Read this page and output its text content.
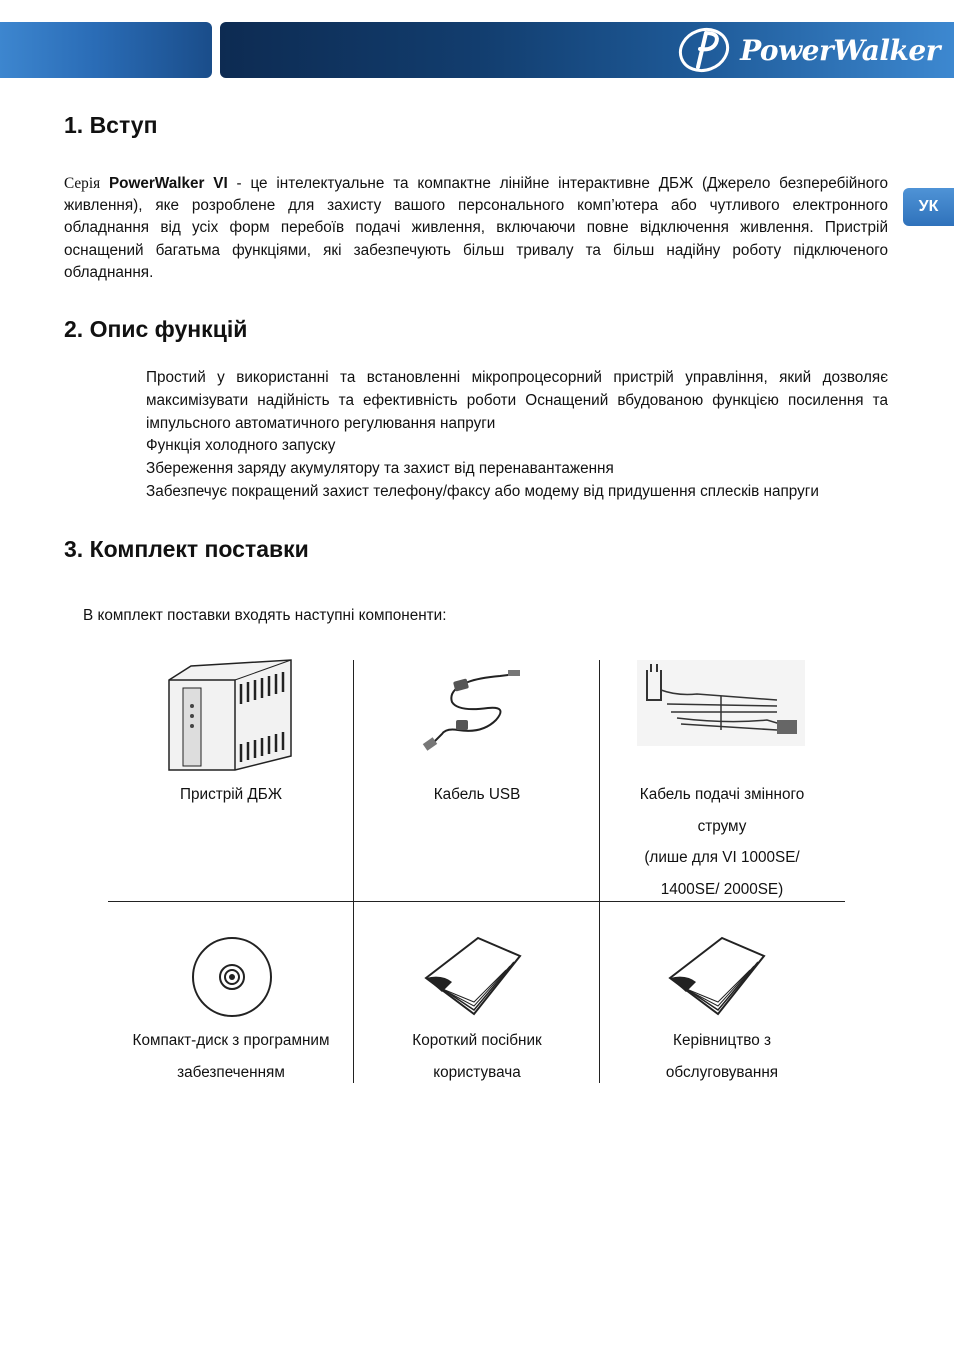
PowerWalker
УК
1. Вступ
Серія PowerWalker VI - це інтелектуальне та компактне лінійне інтерактивне ДБЖ (Джерело безперебійного живлення), яке розроблене для захисту вашого персонального комп’ютера або чутливого електронного обладнання від усіх форм перебоїв подачі живлення, включаючи повне відключення живлення. Пристрій оснащений багатьма функціями, які забезпечують більш тривалу та більш надійну роботу підключеного обладнання.
2. Опис функцій
Простий у використанні та встановленні мікропроцесорний пристрій управління, який дозволяє максимізувати надійність та ефективність роботи Оснащений вбудованою функцією посилення та імпульсного автоматичного регулювання напруги
Функція холодного запуску
Збереження заряду акумулятору та захист від перенавантаження
Забезпечує покращений захист телефону/факсу або модему від придушення сплесків напруги
3. Комплект поставки
В комплект поставки входять наступні компоненти:
Пристрій ДБЖ	Кабель USB	Кабель подачі змінного
струму
(лише для VI 1000SE/
1400SE/ 2000SE)
Компакт-диск з програмним
забезпеченням
Короткий посібник
користувача
Керівництво з
обслуговування
